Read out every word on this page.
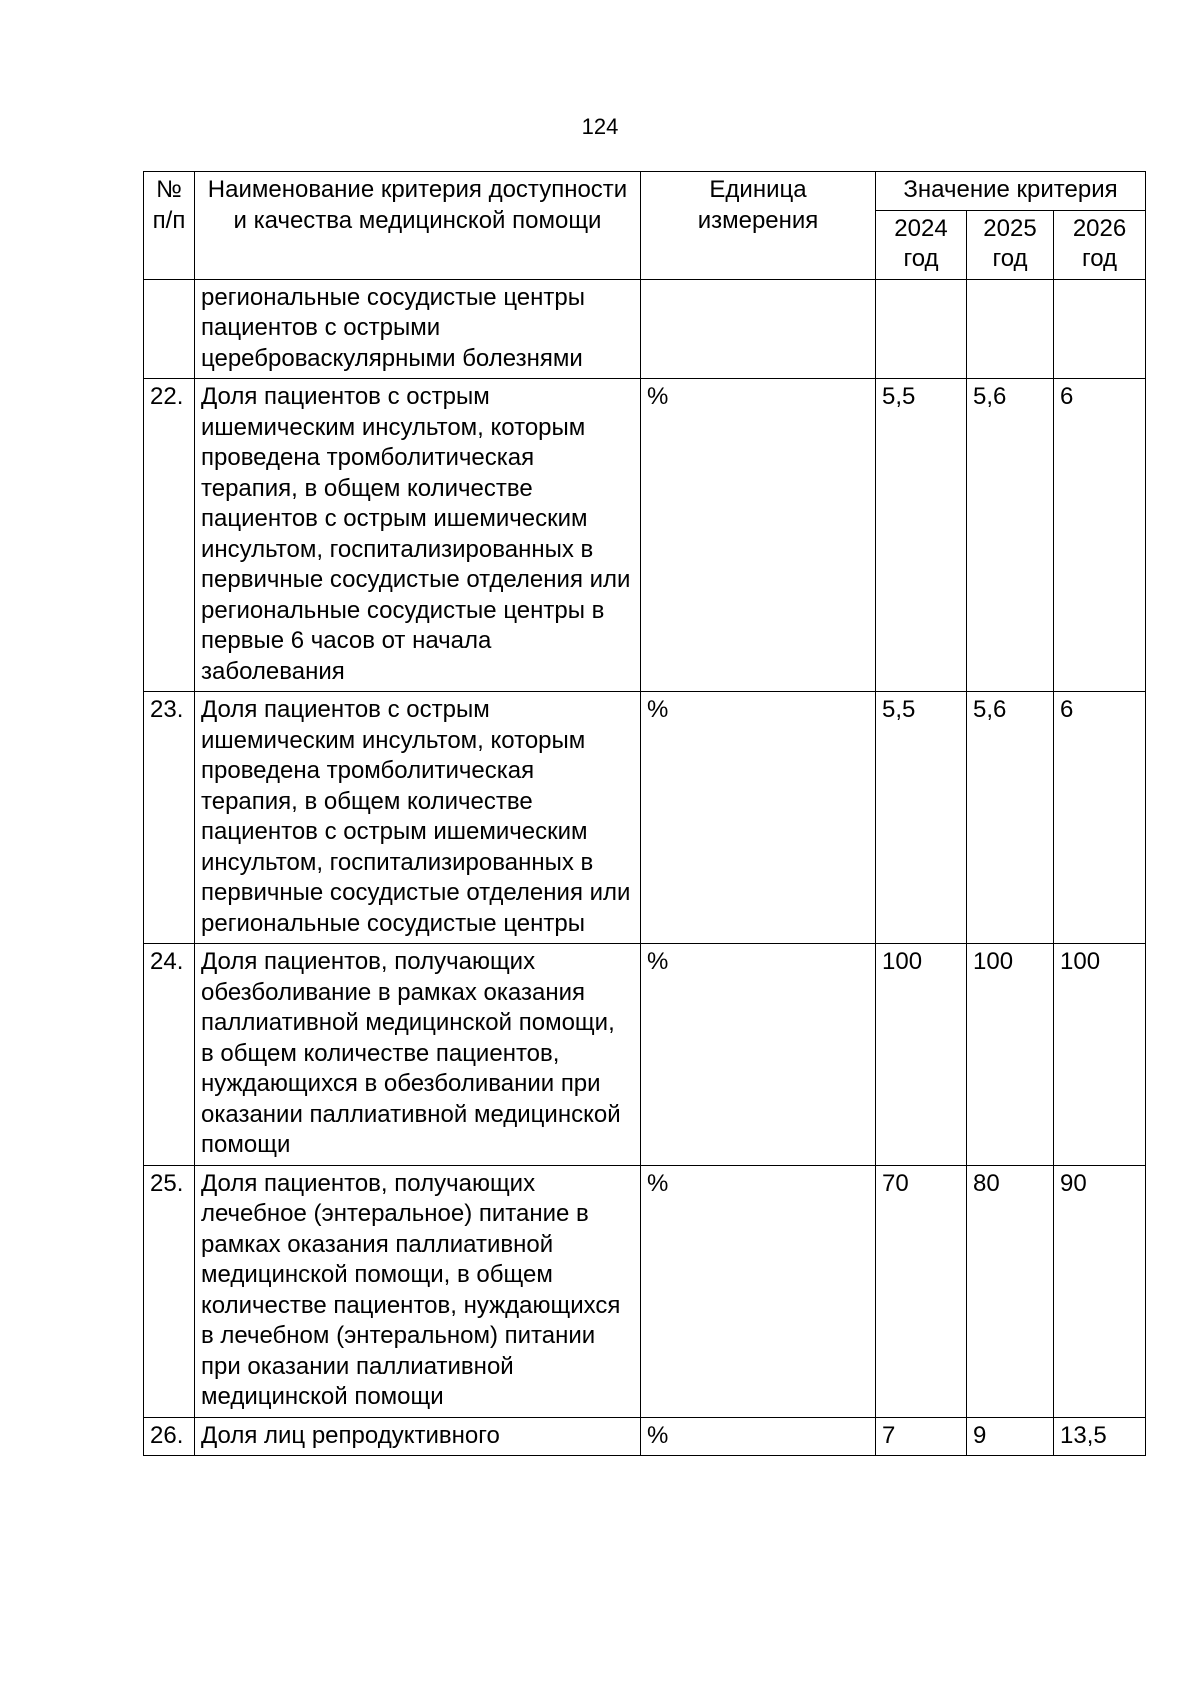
124
№ п/п	Наименование критерия доступности и качества медицинской помощи	Единица измерения	Значение критерия		
			2024 год	2025 год	2026 год
	региональные сосудистые центры пациентов с острыми цереброваскулярными болезнями				
22.	Доля пациентов с острым ишемическим инсультом, которым проведена тромболитическая терапия, в общем количестве пациентов с острым ишемическим инсультом, госпитализированных в первичные сосудистые отделения или региональные сосудистые центры в первые 6 часов от начала заболевания	%	5,5	5,6	6
23.	Доля пациентов с острым ишемическим инсультом, которым проведена тромболитическая терапия, в общем количестве пациентов с острым ишемическим инсультом, госпитализированных в первичные сосудистые отделения или региональные сосудистые центры	%	5,5	5,6	6
24.	Доля пациентов, получающих обезболивание в рамках оказания паллиативной медицинской помощи, в общем количестве пациентов, нуждающихся в обезболивании при оказании паллиативной медицинской помощи	%	100	100	100
25.	Доля пациентов, получающих лечебное (энтеральное) питание в рамках оказания паллиативной медицинской помощи, в общем количестве пациентов, нуждающихся в лечебном (энтеральном) питании при оказании паллиативной медицинской помощи	%	70	80	90
26.	Доля лиц репродуктивного	%	7	9	13,5
